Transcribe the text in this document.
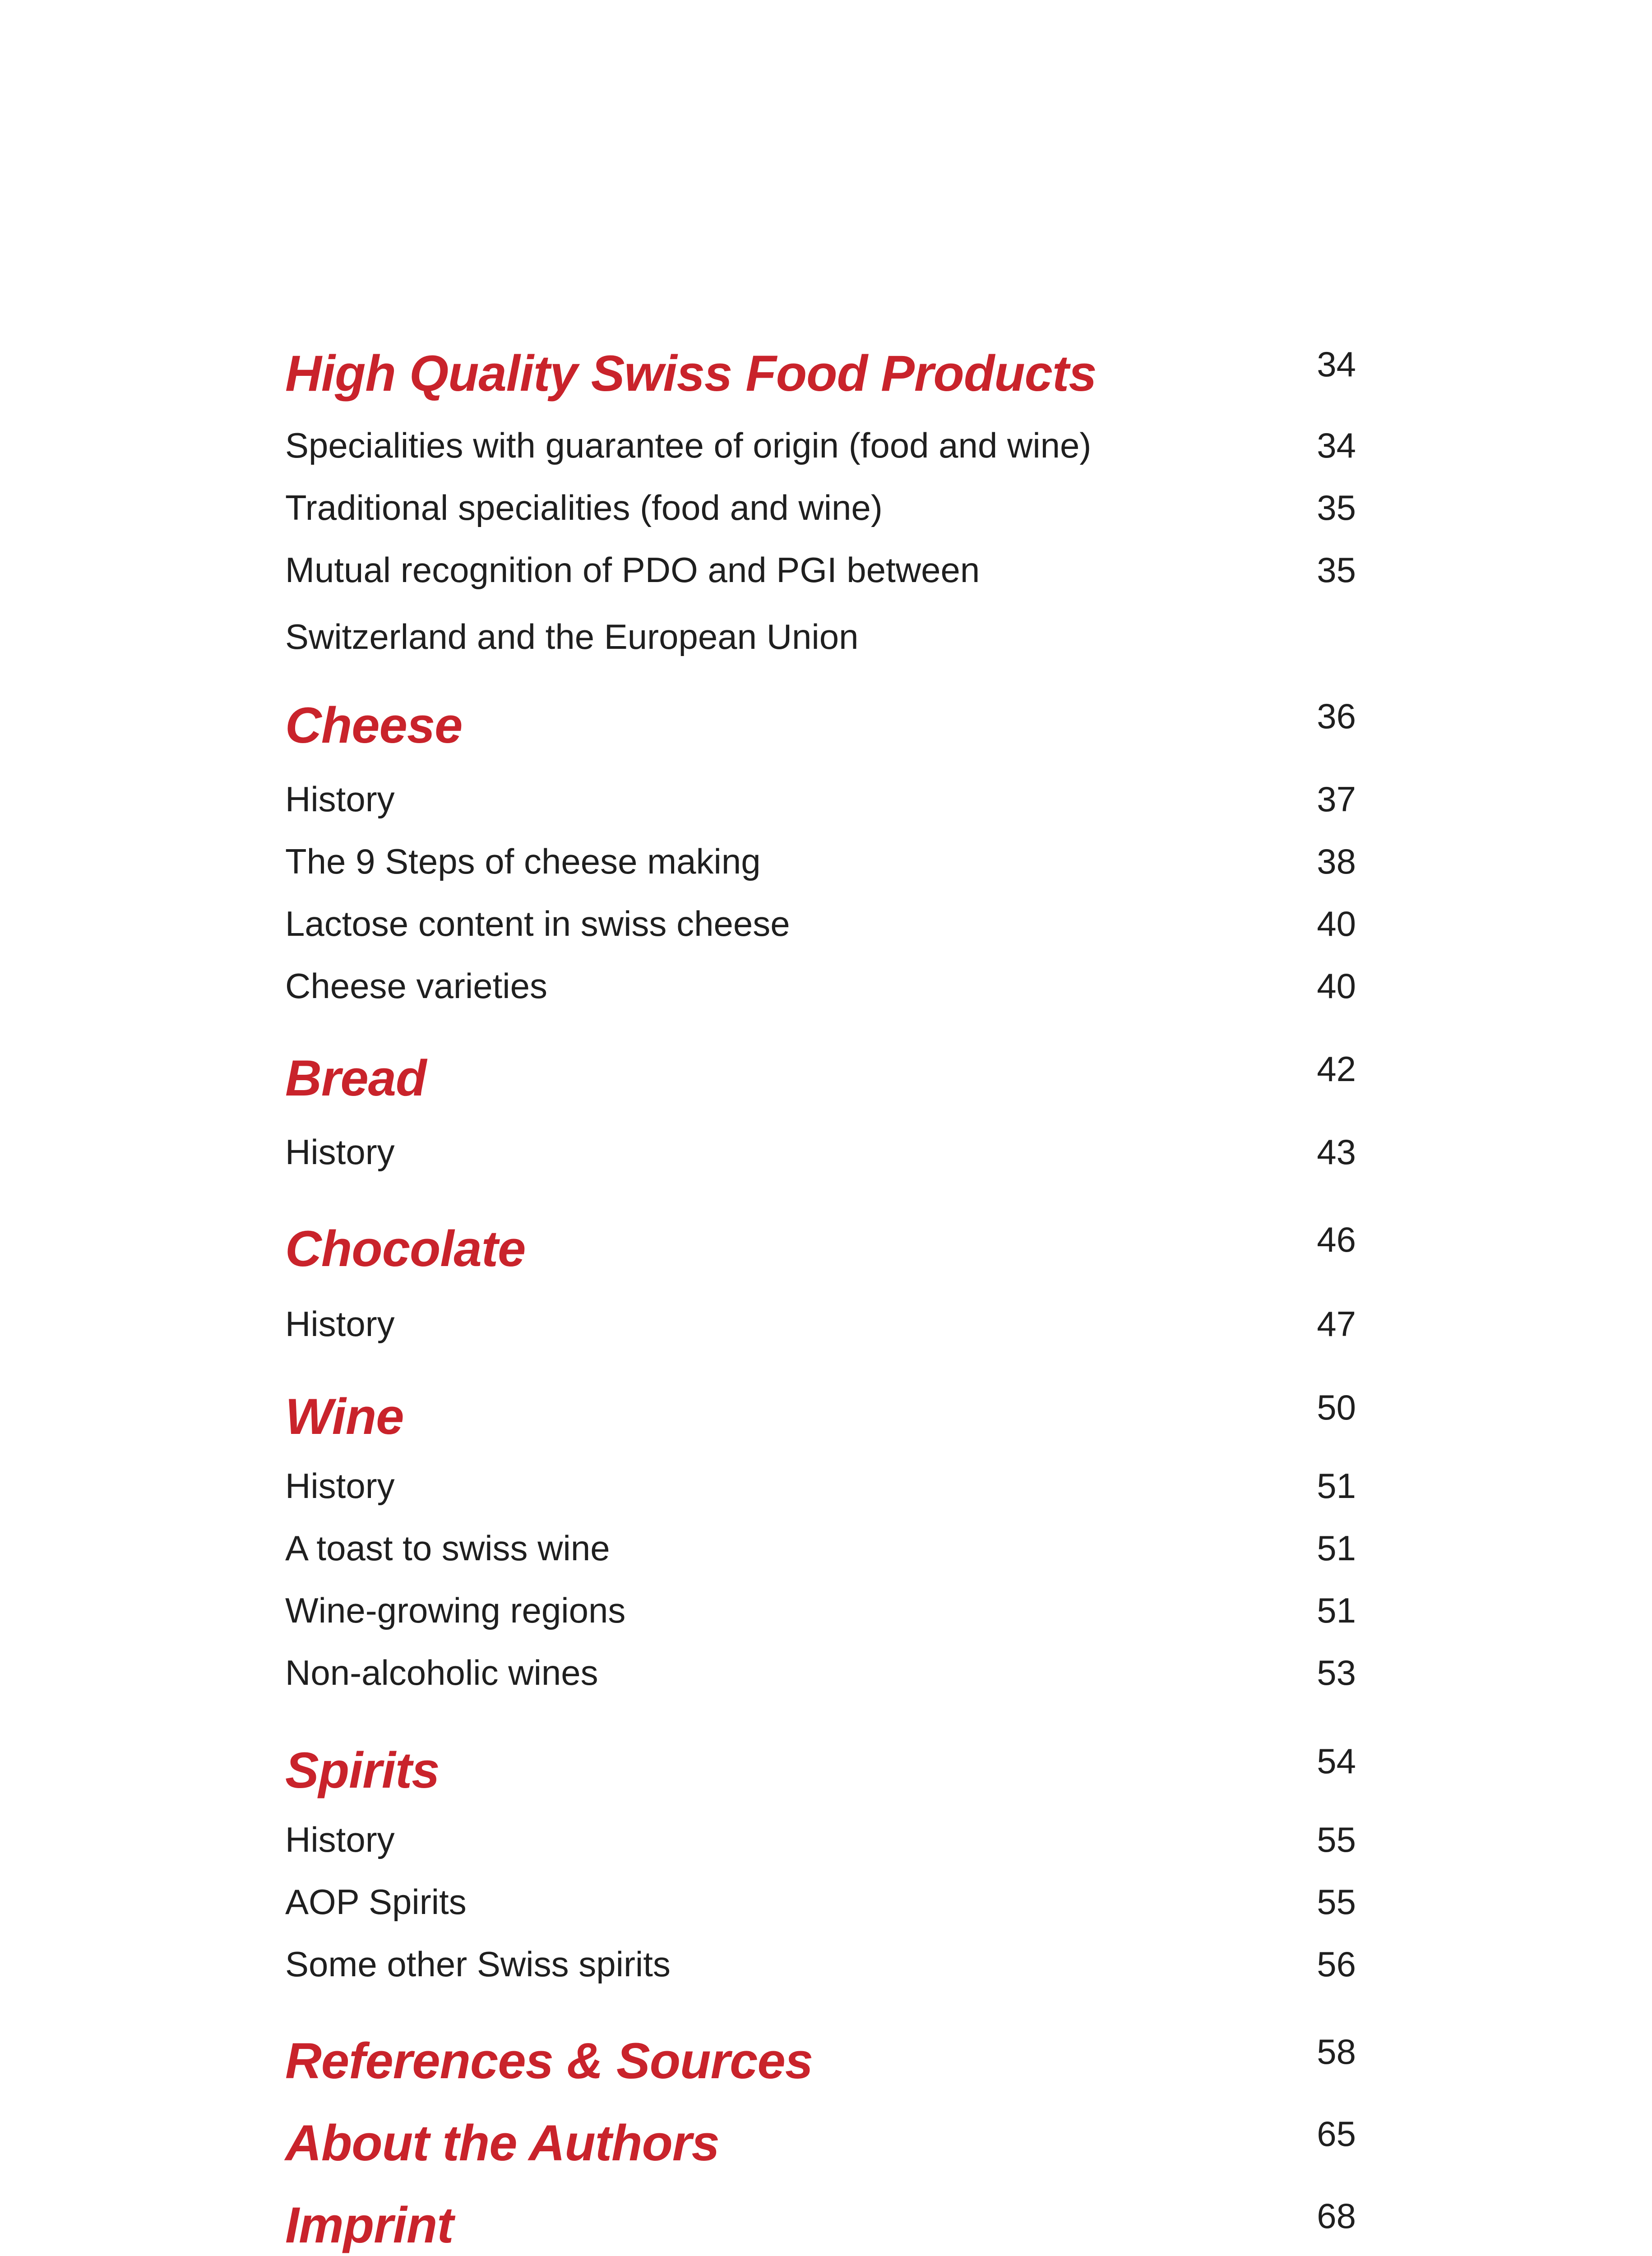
High Quality Swiss Food Products	34
Specialities with guarantee of origin (food and wine)	34
Traditional specialities (food and wine)	35
Mutual recognition of PDO and PGI between	35
Switzerland and the European Union
Cheese	36
History	37
The 9 Steps of cheese making	38
Lactose content in swiss cheese	40
Cheese varieties	40
Bread	42
History	43
Chocolate	46
History	47
Wine	50
History	51
A toast to swiss wine	51
Wine-growing regions	51
Non-alcoholic wines	53
Spirits	54
History	55
AOP Spirits	55
Some other Swiss spirits	56
References & Sources	58
About the Authors	65
Imprint	68
